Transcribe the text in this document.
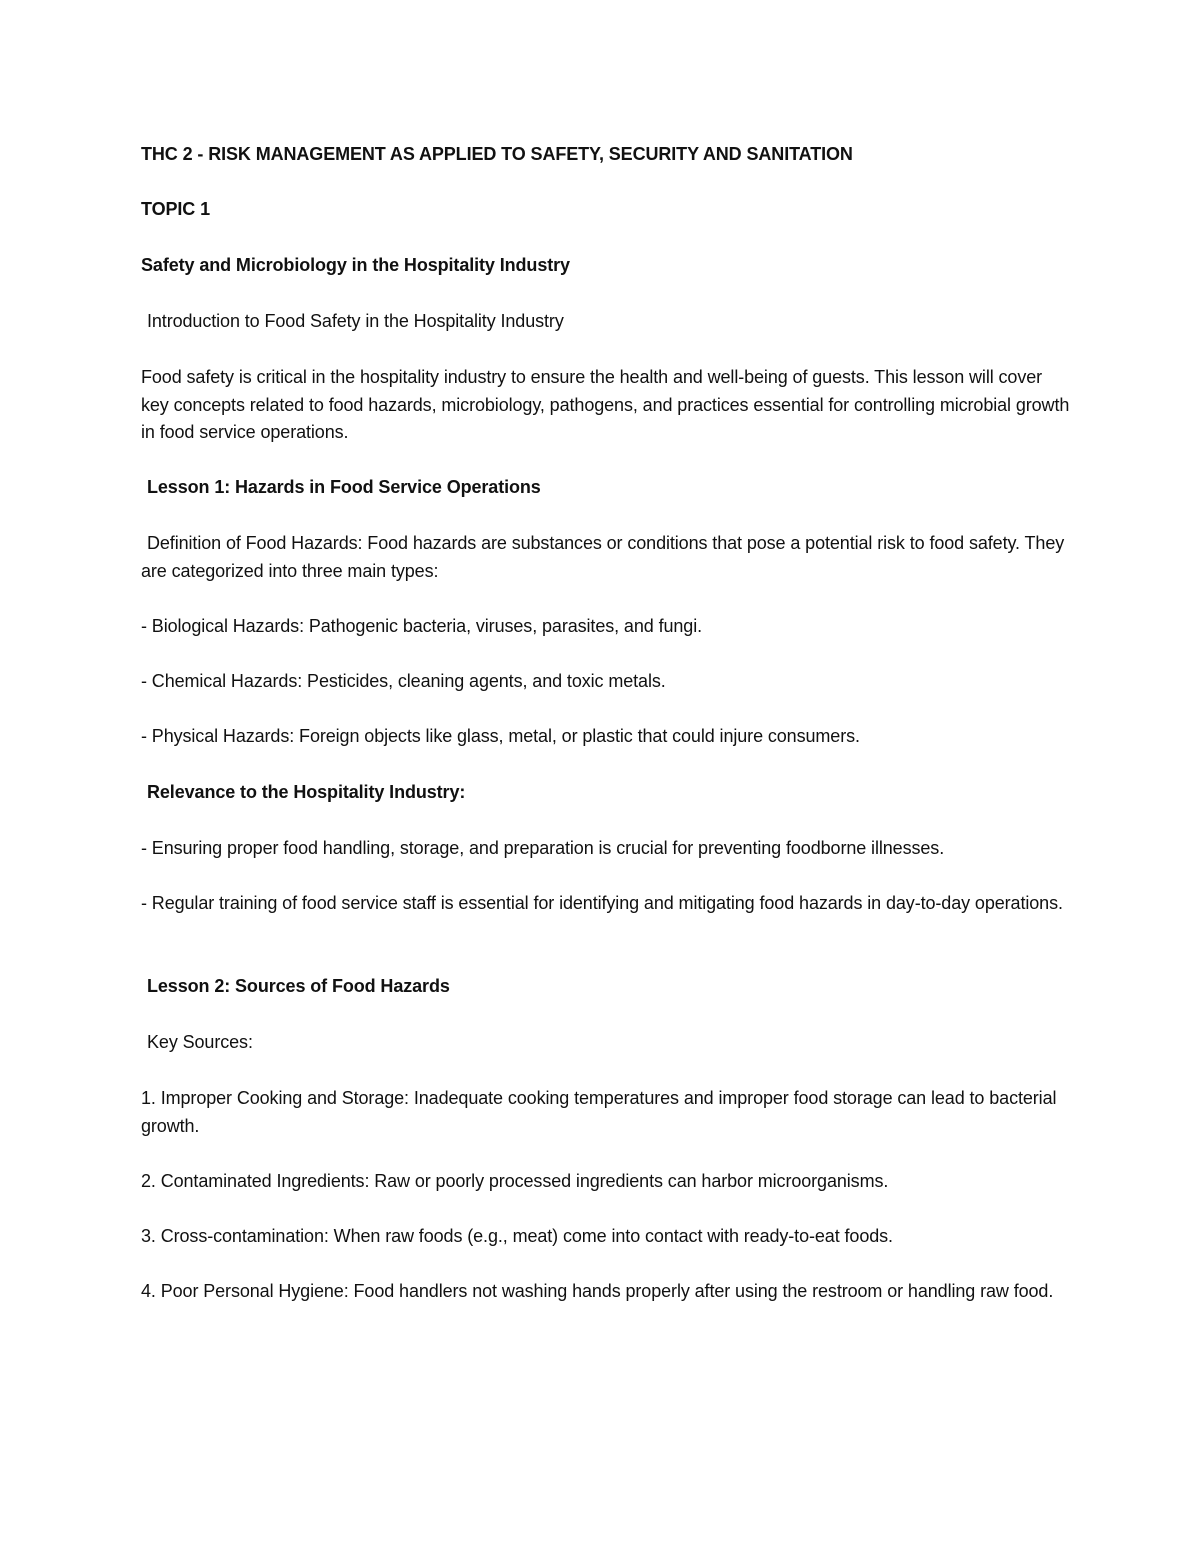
THC 2 - RISK MANAGEMENT AS APPLIED TO SAFETY, SECURITY AND SANITATION

TOPIC 1

Safety and Microbiology in the Hospitality Industry

Introduction to Food Safety in the Hospitality Industry

Food safety is critical in the hospitality industry to ensure the health and well-being of guests. This lesson will cover key concepts related to food hazards, microbiology, pathogens, and practices essential for controlling microbial growth in food service operations.

Lesson 1: Hazards in Food Service Operations

Definition of Food Hazards: Food hazards are substances or conditions that pose a potential risk to food safety. They are categorized into three main types:

- Biological Hazards: Pathogenic bacteria, viruses, parasites, and fungi.

- Chemical Hazards: Pesticides, cleaning agents, and toxic metals.

- Physical Hazards: Foreign objects like glass, metal, or plastic that could injure consumers.

Relevance to the Hospitality Industry:

- Ensuring proper food handling, storage, and preparation is crucial for preventing foodborne illnesses.

- Regular training of food service staff is essential for identifying and mitigating food hazards in day-to-day operations.

Lesson 2: Sources of Food Hazards

Key Sources:

1. Improper Cooking and Storage: Inadequate cooking temperatures and improper food storage can lead to bacterial growth.

2. Contaminated Ingredients: Raw or poorly processed ingredients can harbor microorganisms.

3. Cross-contamination: When raw foods (e.g., meat) come into contact with ready-to-eat foods.

4. Poor Personal Hygiene: Food handlers not washing hands properly after using the restroom or handling raw food.
